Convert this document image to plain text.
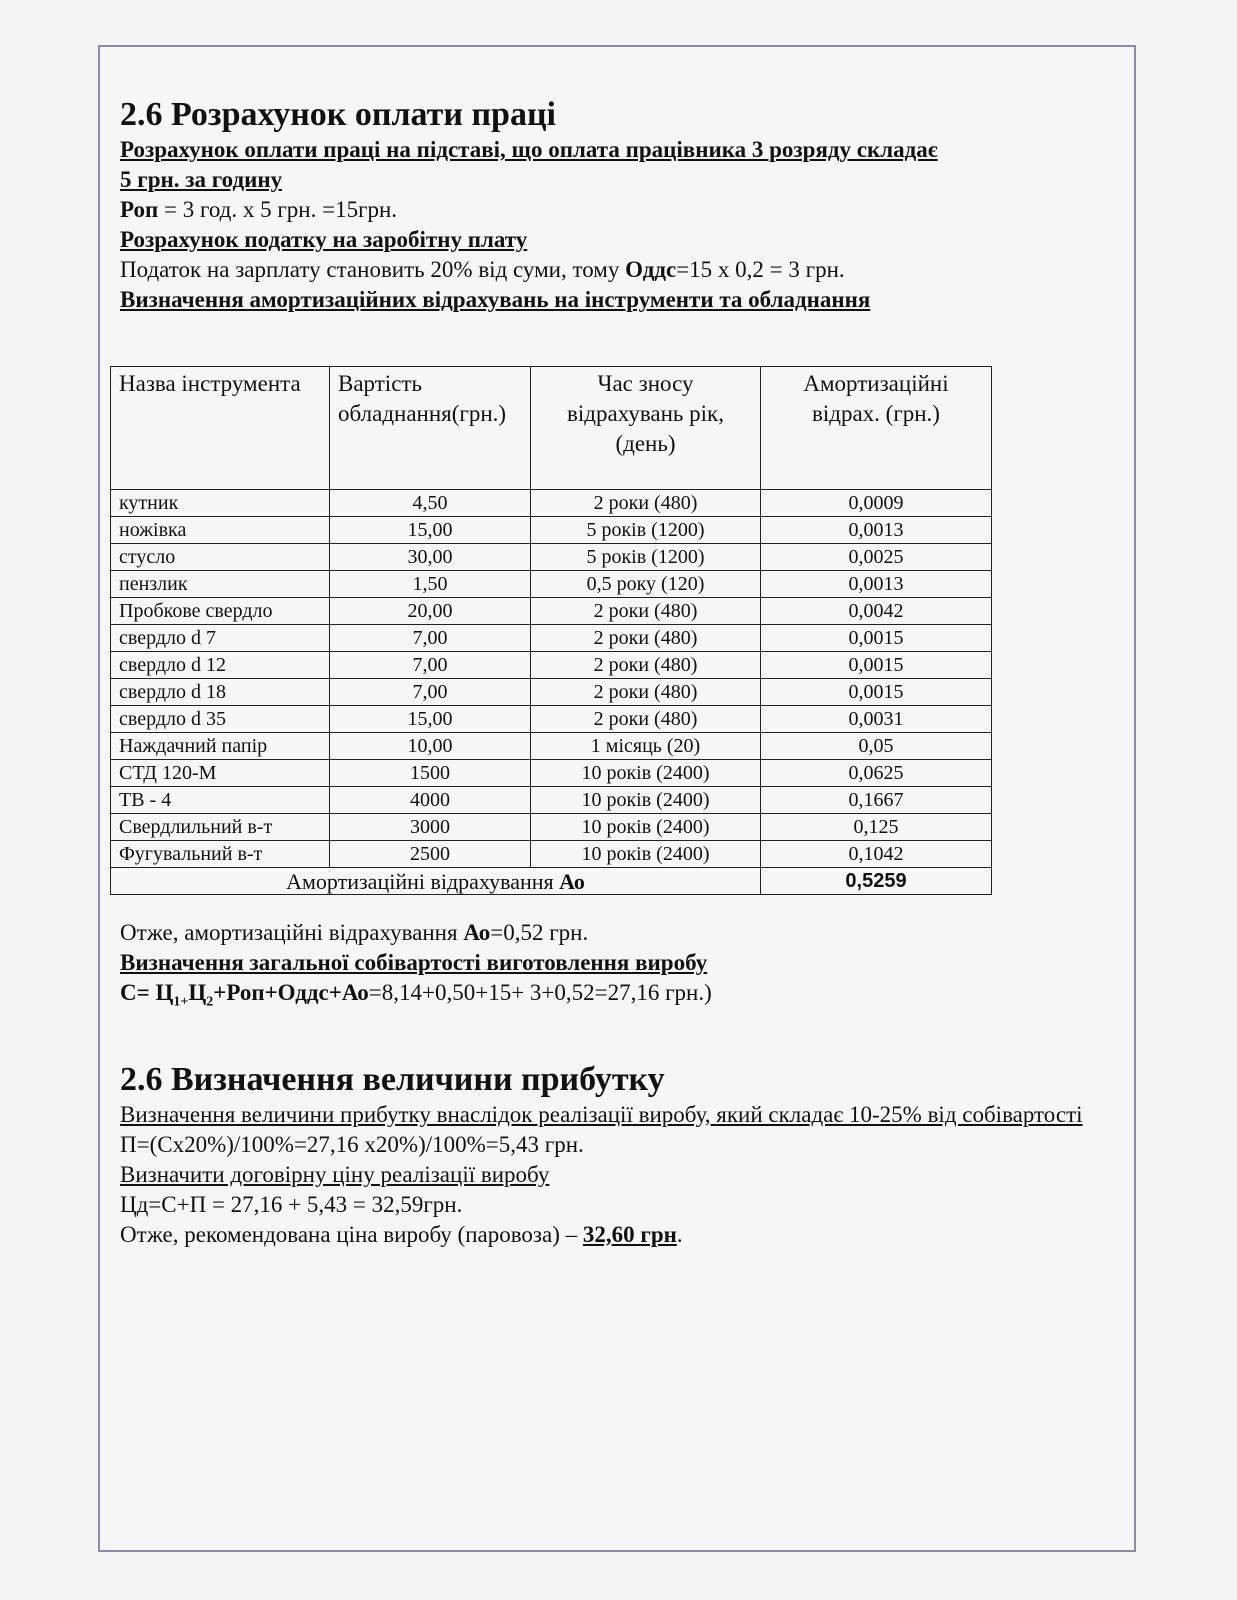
2.6 Розрахунок оплати праці
Розрахунок оплати праці на підставі, що оплата працівника 3 розряду складає
5 грн. за годину
Роп = 3 год. х 5 грн. =15грн.
Розрахунок податку на заробітну плату
Податок на зарплату становить 20% від суми, тому Оддс=15 х 0,2 = 3 грн.
Визначення амортизаційних відрахувань на інструменти та обладнання
Назва інструмента	Вартість обладнання(грн.)	Час зносу відрахувань рік, (день)	Амортизаційні відрах. (грн.)
кутник	4,50	2 роки (480)	0,0009
ножівка	15,00	5 років (1200)	0,0013
стусло	30,00	5 років (1200)	0,0025
пензлик	1,50	0,5 року (120)	0,0013
Пробкове свердло	20,00	2 роки (480)	0,0042
свердло d 7	7,00	2 роки (480)	0,0015
свердло d 12	7,00	2 роки (480)	0,0015
свердло d 18	7,00	2 роки (480)	0,0015
свердло d 35	15,00	2 роки (480)	0,0031
Наждачний папір	10,00	1 місяць (20)	0,05
СТД 120-М	1500	10 років (2400)	0,0625
ТВ - 4	4000	10 років (2400)	0,1667
Свердлильний в-т	3000	10 років (2400)	0,125
Фугувальний в-т	2500	10 років (2400)	0,1042
Амортизаційні відрахування Ао			0,5259
Отже, амортизаційні відрахування Ао=0,52 грн.
Визначення загальної собівартості виготовлення виробу
$С= Ц_{1+}Ц_2+Роп+Оддс+Ао=8,14+0,50+15+ 3+0,52=27,16$ грн.)
2.6 Визначення величини прибутку
Визначення величини прибутку внаслідок реалізації виробу, який складає 10-25% від собівартості
П=(Сх20%)/100%=27,16 х20%)/100%=5,43 грн.
Визначити договірну ціну реалізації виробу
Цд=С+П = 27,16 + 5,43 = 32,59грн.
Отже, рекомендована ціна виробу (паровоза) – 32,60 грн.
